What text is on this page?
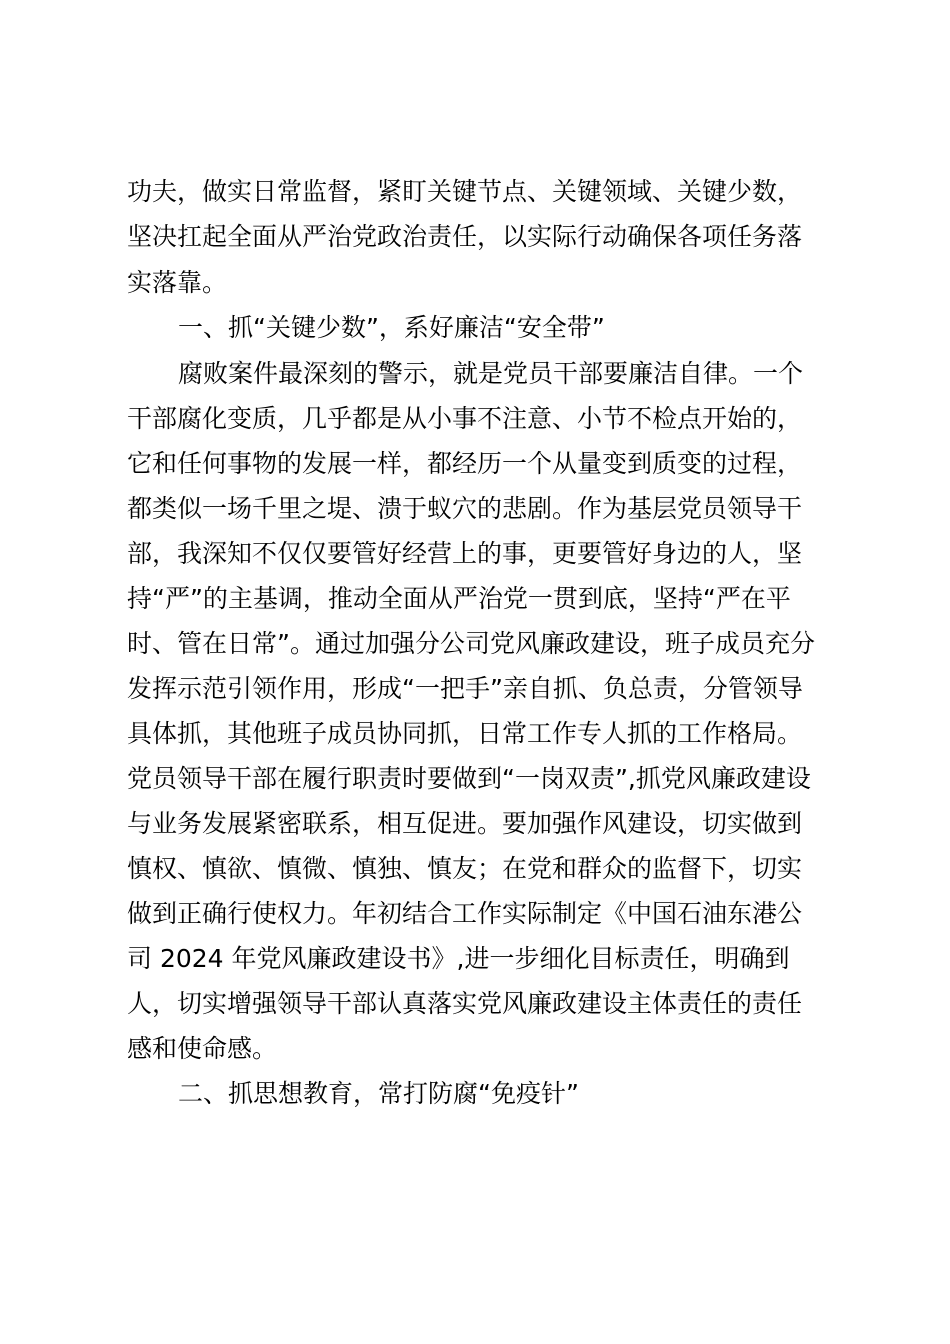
功夫，做实日常监督，紧盯关键节点、关键领域、关键少数，
坚决扛起全面从严治党政治责任，以实际行动确保各项任务落
实落靠。
一、抓“关键少数”，系好廉洁“安全带”
腐败案件最深刻的警示，就是党员干部要廉洁自律。一个
干部腐化变质，几乎都是从小事不注意、小节不检点开始的，
它和任何事物的发展一样，都经历一个从量变到质变的过程，
都类似一场千里之堤、溃于蚁穴的悲剧。作为基层党员领导干
部，我深知不仅仅要管好经营上的事，更要管好身边的人，坚
持“严”的主基调，推动全面从严治党一贯到底，坚持“严在平
时、管在日常”。通过加强分公司党风廉政建设，班子成员充分
发挥示范引领作用，形成“一把手”亲自抓、负总责，分管领导
具体抓，其他班子成员协同抓，日常工作专人抓的工作格局。
党员领导干部在履行职责时要做到“一岗双责”,抓党风廉政建设
与业务发展紧密联系，相互促进。要加强作风建设，切实做到
慎权、慎欲、慎微、慎独、慎友；在党和群众的监督下，切实
做到正确行使权力。年初结合工作实际制定《中国石油东港公
司 2024 年党风廉政建设书》,进一步细化目标责任，明确到
人，切实增强领导干部认真落实党风廉政建设主体责任的责任
感和使命感。
二、抓思想教育，常打防腐“免疫针”
